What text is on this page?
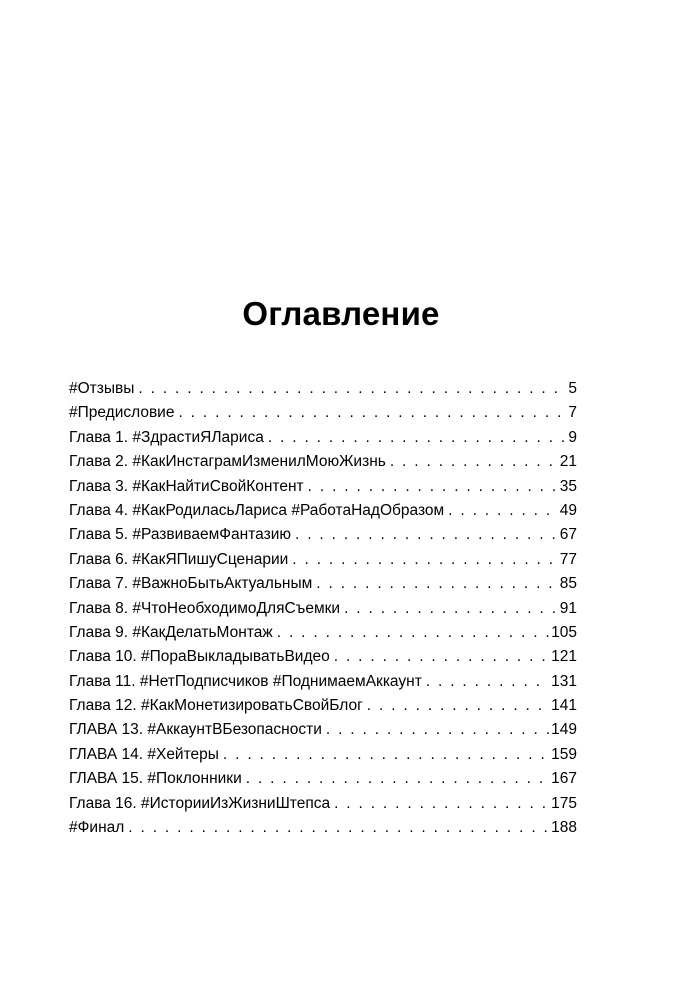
Оглавление
#Отзывы . . .	5
#Предисловие . . .	7
Глава 1. #ЗдрастиЯЛариса . . .	9
Глава 2. #КакИнстаграмИзменилМоюЖизнь . . .	21
Глава 3. #КакНайтиСвойКонтент . . .	35
Глава 4. #КакРодиласьЛариса #РаботаНадОбразом . . .	49
Глава 5. #РазвиваемФантазию . . .	67
Глава 6. #КакЯПишуСценарии . . .	77
Глава 7. #ВажноБытьАктуальным . . .	85
Глава 8. #ЧтоНеобходимоДляСъемки . . .	91
Глава 9. #КакДелатьМонтаж . . .	105
Глава 10. #ПораВыкладыватьВидео . . .	121
Глава 11. #НетПодписчиков #ПоднимаемАккаунт . . .	131
Глава 12. #КакМонетизироватьСвойБлог . . .	141
ГЛАВА 13. #АккаунтВБезопасности . . .	149
ГЛАВА 14. #Хейтеры . . .	159
ГЛАВА 15. #Поклонники . . .	167
Глава 16. #ИсторииИзЖизниШтепса . . .	175
#Финал . . .	188
